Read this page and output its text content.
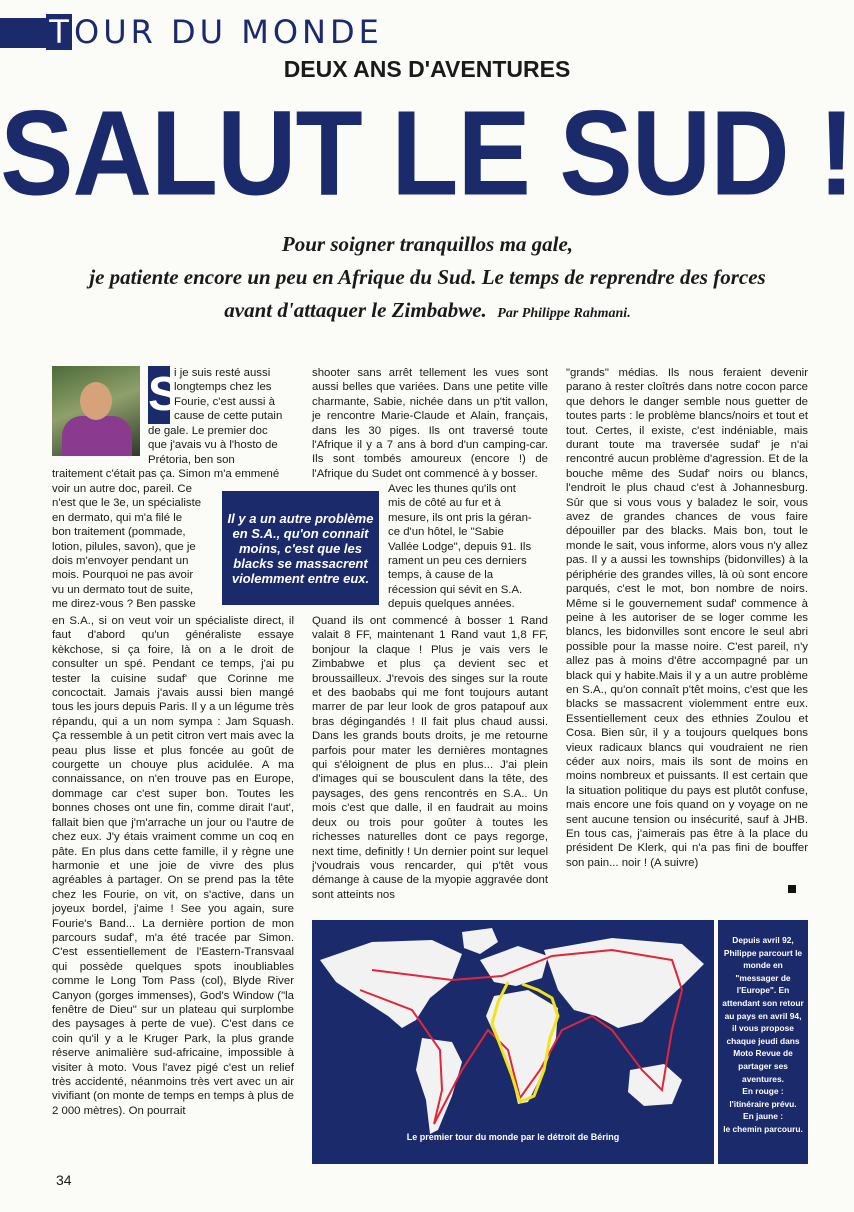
T OUR DU MONDE
DEUX ANS D'AVENTURES
SALUT LE SUD !
Pour soigner tranquillos ma gale,
je patiente encore un peu en Afrique du Sud. Le temps de reprendre des forces
avant d'attaquer le Zimbabwe. Par Philippe Rahmani.
S
i je suis resté aussi
longtemps chez les
Fourie, c'est aussi à
cause de cette putain
de gale. Le premier doc
que j'avais vu à l'hosto de
Prétoria, ben son
traitement c'était pas ça. Simon m'a emmené
voir un autre doc, pareil. Ce
n'est que le 3e, un spécialiste
en dermato, qui m'a filé le
bon traitement (pommade,
lotion, pilules, savon), que je
dois m'envoyer pendant un
mois. Pourquoi ne pas avoir
vu un dermato tout de suite,
me direz-vous ? Ben passke
en S.A., si on veut voir un spécialiste direct, il faut d'abord qu'un généraliste essaye kèkchose, si ça foire, là on a le droit de consulter un spé. Pendant ce temps, j'ai pu tester la cuisine sudaf' que Corinne me concoctait. Jamais j'avais aussi bien mangé tous les jours depuis Paris. Il y a un légume très répandu, qui a un nom sympa : Jam Squash. Ça ressemble à un petit citron vert mais avec la peau plus lisse et plus foncée au goût de courgette un chouye plus acidulée. A ma connaissance, on n'en trouve pas en Europe, dommage car c'est super bon. Toutes les bonnes choses ont une fin, comme dirait l'aut', fallait bien que j'm'arrache un jour ou l'autre de chez eux. J'y étais vraiment comme un coq en pâte. En plus dans cette famille, il y règne une harmonie et une joie de vivre des plus agréables à partager. On se prend pas la tête chez les Fourie, on vit, on s'active, dans un joyeux bordel, j'aime ! See you again, sure Fourie's Band... La dernière portion de mon parcours sudaf', m'a été tracée par Simon. C'est essentiellement de l'Eastern-Transvaal qui possède quelques spots inoubliables comme le Long Tom Pass (col), Blyde River Canyon (gorges immenses), God's Window ("la fenêtre de Dieu" sur un plateau qui surplombe des paysages à perte de vue). C'est dans ce coin qu'il y a le Kruger Park, la plus grande réserve animalière sud-africaine, impossible à visiter à moto. Vous l'avez pigé c'est un relief très accidenté, néanmoins très vert avec un air vivifiant (on monte de temps en temps à plus de 2 000 mètres). On pourrait
Il y a un autre problème en S.A., qu'on connait moins, c'est que les blacks se massacrent violemment entre eux.
shooter sans arrêt tellement les vues sont aussi belles que variées. Dans une petite ville charmante, Sabie, nichée dans un p'tit vallon, je rencontre Marie-Claude et Alain, français, dans les 30 piges. Ils ont traversé toute l'Afrique il y a 7 ans à bord d'un camping-car. Ils sont tombés amoureux (encore !) de l'Afrique du Sudet ont commencé à y bosser.
Avec les thunes qu'ils ont
mis de côté au fur et à
mesure, ils ont pris la géran-
ce d'un hôtel, le "Sabie
Vallée Lodge", depuis 91. Ils
rament un peu ces derniers
temps, à cause de la
récession qui sévit en S.A.
depuis quelques années.
Quand ils ont commencé à bosser 1 Rand valait 8 FF, maintenant 1 Rand vaut 1,8 FF, bonjour la claque ! Plus je vais vers le Zimbabwe et plus ça devient sec et broussailleux. J'revois des singes sur la route et des baobabs qui me font toujours autant marrer de par leur look de gros patapouf aux bras dégingandés ! Il fait plus chaud aussi. Dans les grands bouts droits, je me retourne parfois pour mater les dernières montagnes qui s'éloignent de plus en plus... J'ai plein d'images qui se bousculent dans la tête, des paysages, des gens rencontrés en S.A.. Un mois c'est que dalle, il en faudrait au moins deux ou trois pour goûter à toutes les richesses naturelles dont ce pays regorge, next time, definitly ! Un dernier point sur lequel j'voudrais vous rencarder, qui p'têt vous démange à cause de la myopie aggravée dont sont atteints nos
"grands" médias. Ils nous feraient devenir parano à rester cloîtrés dans notre cocon parce que dehors le danger semble nous guetter de toutes parts : le problème blancs/noirs et tout et tout. Certes, il existe, c'est indéniable, mais durant toute ma traversée sudaf' je n'ai rencontré aucun problème d'agression. Et de la bouche même des Sudaf' noirs ou blancs, l'endroit le plus chaud c'est à Johannesburg. Sûr que si vous vous y baladez le soir, vous avez de grandes chances de vous faire dépouiller par des blacks. Mais bon, tout le monde le sait, vous informe, alors vous n'y allez pas. Il y a aussi les townships (bidonvilles) à la périphérie des grandes villes, là où sont encore parqués, c'est le mot, bon nombre de noirs. Même si le gouvernement sudaf' commence à peine à les autoriser de se loger comme les blancs, les bidonvilles sont encore le seul abri possible pour la masse noire. C'est pareil, n'y allez pas à moins d'être accompagné par un black qui y habite.Mais il y a un autre problème en S.A., qu'on connaît p'têt moins, c'est que les blacks se massacrent violemment entre eux. Essentiellement ceux des ethnies Zoulou et Cosa. Bien sûr, il y a toujours quelques bons vieux radicaux blancs qui voudraient ne rien céder aux noirs, mais ils sont de moins en moins nombreux et puissants. Il est certain que la situation politique du pays est plutôt confuse, mais encore une fois quand on y voyage on ne sent aucune tension ou insécurité, sauf à JHB. En tous cas, j'aimerais pas être à la place du président De Klerk, qui n'a pas fini de bouffer son pain... noir ! (A suivre)
Le premier tour du monde par le détroit de Béring
Depuis avril 92,
Philippe parcourt le
monde en
"messager de
l'Europe". En
attendant son retour
au pays en avril 94,
il vous propose
chaque jeudi dans
Moto Revue de
partager ses
aventures.
En rouge :
l'itinéraire prévu.
En jaune :
le chemin parcouru.
34
